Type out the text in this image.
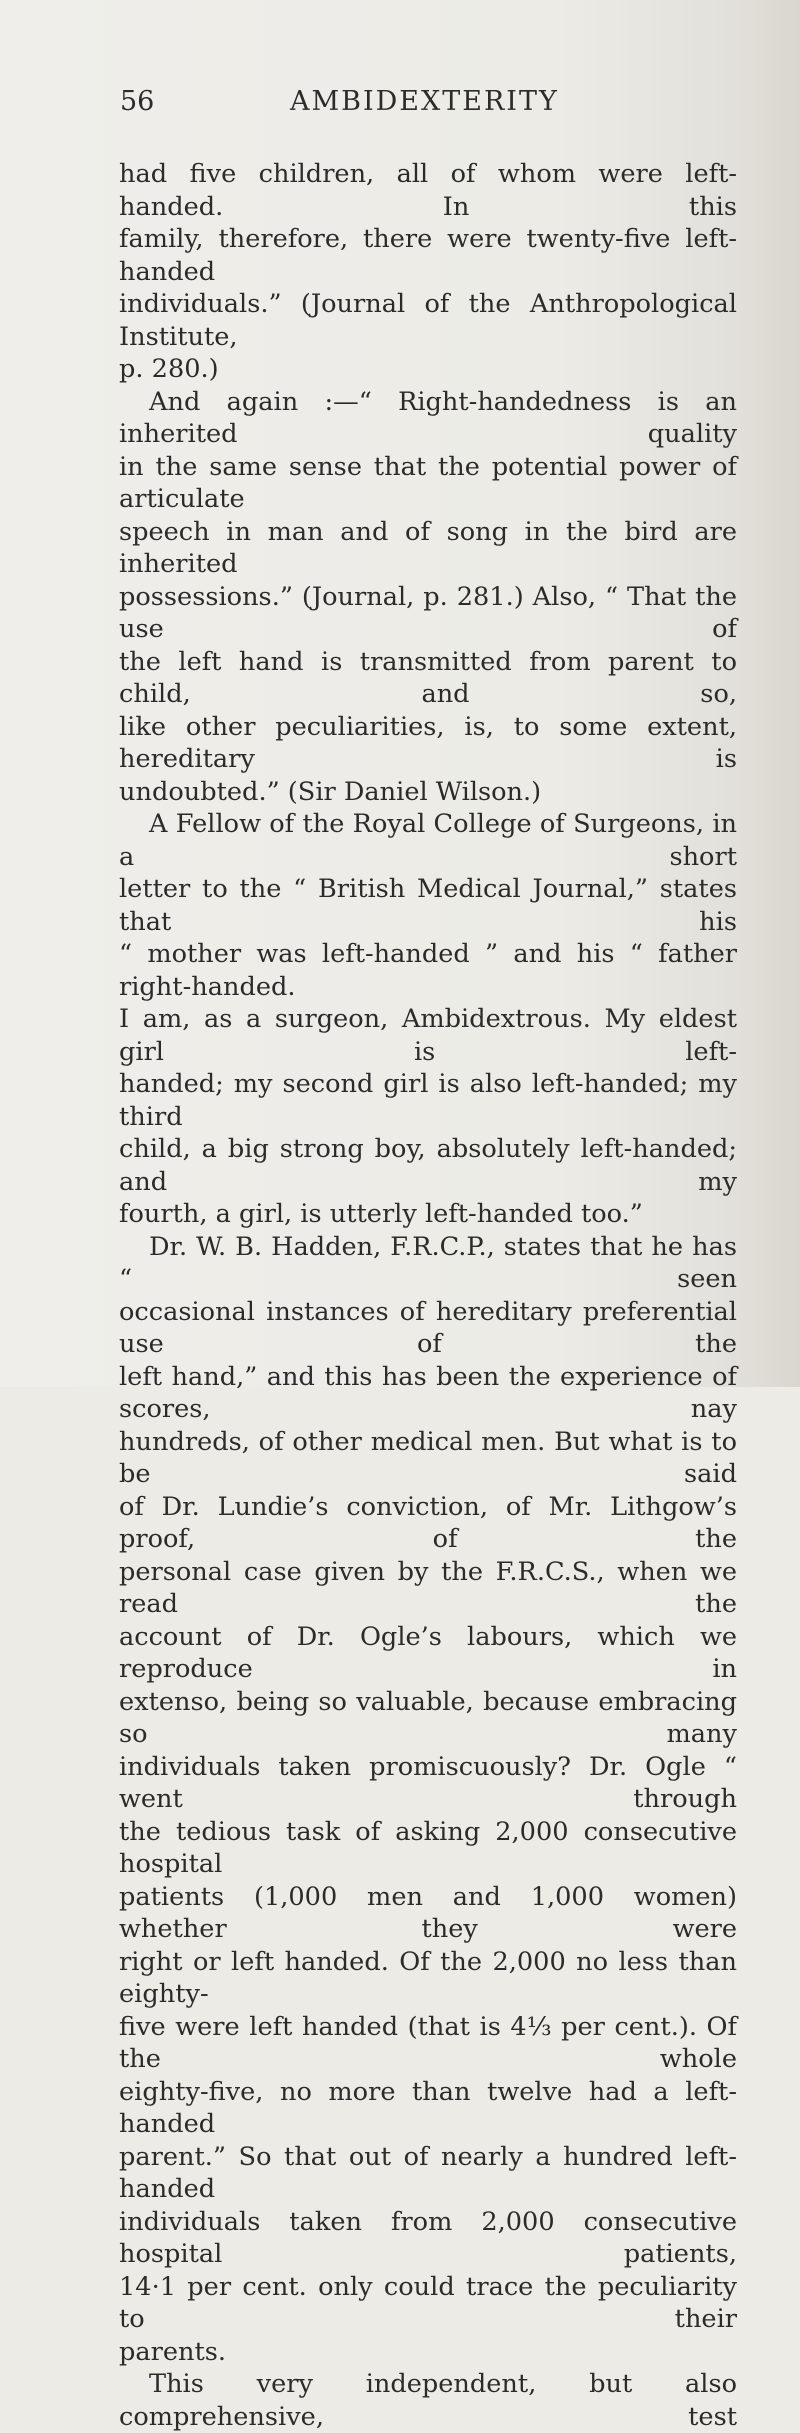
56	AMBIDEXTERITY

had five children, all of whom were left-handed. In this

family, therefore, there were twenty-five left-handed

individuals.” (Journal of the Anthropological Institute,

p. 280.)

And again :—“ Right-handedness is an inherited quality

in the same sense that the potential power of articulate

speech in man and of song in the bird are inherited

possessions.” (Journal, p. 281.) Also, “ That the use of

the left hand is transmitted from parent to child, and so,

like other peculiarities, is, to some extent, hereditary is

undoubted.” (Sir Daniel Wilson.)

A Fellow of the Royal College of Surgeons, in a short

letter to the “ British Medical Journal,” states that his

“ mother was left-handed ” and his “ father right-handed.

I am, as a surgeon, Ambidextrous. My eldest girl is left-

handed; my second girl is also left-handed; my third

child, a big strong boy, absolutely left-handed; and my

fourth, a girl, is utterly left-handed too.”

Dr. W. B. Hadden, F.R.C.P., states that he has “ seen

occasional instances of hereditary preferential use of the

left hand,” and this has been the experience of scores, nay

hundreds, of other medical men. But what is to be said

of Dr. Lundie’s conviction, of Mr. Lithgow’s proof, of the

personal case given by the F.R.C.S., when we read the

account of Dr. Ogle’s labours, which we reproduce in

extenso, being so valuable, because embracing so many

individuals taken promiscuously? Dr. Ogle “ went through

the tedious task of asking 2,000 consecutive hospital

patients (1,000 men and 1,000 women) whether they were

right or left handed. Of the 2,000 no less than eighty-

five were left handed (that is 4⅓ per cent.). Of the whole

eighty-five, no more than twelve had a left-handed

parent.” So that out of nearly a hundred left-handed

individuals taken from 2,000 consecutive hospital patients,

14·1 per cent. only could trace the peculiarity to their

parents.

This very independent, but also comprehensive, test
